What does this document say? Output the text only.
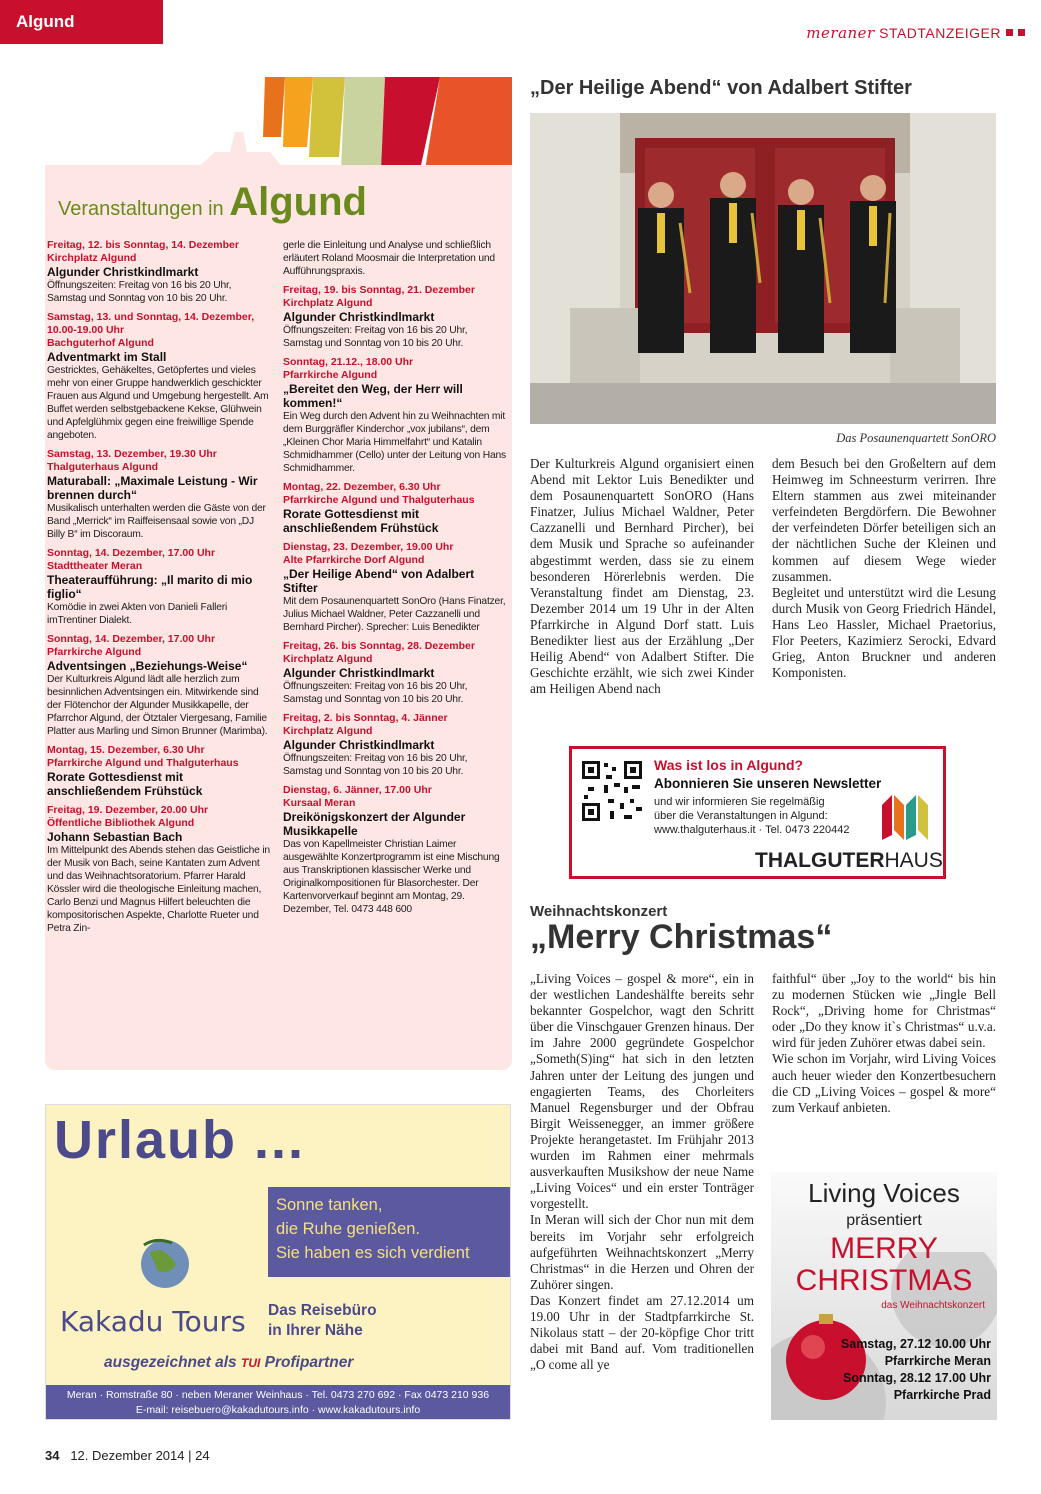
Algund
meraner STADTANZEIGER
Veranstaltungen in Algund
Freitag, 12. bis Sonntag, 14. Dezember
Kirchplatz Algund
Algunder Christkindlmarkt
Öffnungszeiten: Freitag von 16 bis 20 Uhr, Samstag und Sonntag von 10 bis 20 Uhr.
Samstag, 13. und Sonntag, 14. Dezember, 10.00-19.00 Uhr
Bachguterhof Algund
Adventmarkt im Stall
Gestricktes, Gehäkeltes, Getöpfertes und vieles mehr von einer Gruppe handwerklich geschickter Frauen aus Algund und Umgebung hergestellt. Am Buffet werden selbstgebackene Kekse, Glühwein und Apfelglühmix gegen eine freiwillige Spende angeboten.
Samstag, 13. Dezember, 19.30 Uhr
Thalguterhaus Algund
Maturaball: „Maximale Leistung - Wir brennen durch“
Musikalisch unterhalten werden die Gäste von der Band „Merrick“ im Raiffeisensaal sowie von „DJ Billy B“ im Discoraum.
Sonntag, 14. Dezember, 17.00 Uhr
Stadttheater Meran
Theateraufführung: „Il marito di mio figlio“
Komödie in zwei Akten von Danieli Falleri imTrentiner Dialekt.
Sonntag, 14. Dezember, 17.00 Uhr
Pfarrkirche Algund
Adventsingen „Beziehungs-Weise“
Der Kulturkreis Algund lädt alle herzlich zum besinnlichen Adventsingen ein. Mitwirkende sind der Flötenchor der Algunder Musikkapelle, der Pfarrchor Algund, der Ötztaler Viergesang, Familie Platter aus Marling und Simon Brunner (Marimba).
Montag, 15. Dezember, 6.30 Uhr
Pfarrkirche Algund und Thalguterhaus
Rorate Gottesdienst mit anschließendem Frühstück
Freitag, 19. Dezember, 20.00 Uhr
Öffentliche Bibliothek Algund
Johann Sebastian Bach
Im Mittelpunkt des Abends stehen das Geistliche in der Musik von Bach, seine Kantaten zum Advent und das Weihnachtsoratorium. Pfarrer Harald Kössler wird die theologische Einleitung machen, Carlo Benzi und Magnus Hilfert beleuchten die kompositorischen Aspekte, Charlotte Rueter und Petra Zin-
gerle die Einleitung und Analyse und schließlich erläutert Roland Moosmair die Interpretation und Aufführungspraxis.
Freitag, 19. bis Sonntag, 21. Dezember
Kirchplatz Algund
Algunder Christkindlmarkt
Öffnungszeiten: Freitag von 16 bis 20 Uhr, Samstag und Sonntag von 10 bis 20 Uhr.
Sonntag, 21.12., 18.00 Uhr
Pfarrkirche Algund
„Bereitet den Weg, der Herr will kommen!“
Ein Weg durch den Advent hin zu Weihnachten mit dem Burggräfler Kinderchor „vox jubilans“, dem „Kleinen Chor Maria Himmelfahrt“ und Katalin Schmidhammer (Cello) unter der Leitung von Hans Schmidhammer.
Montag, 22. Dezember, 6.30 Uhr
Pfarrkirche Algund und Thalguterhaus
Rorate Gottesdienst mit anschließendem Frühstück
Dienstag, 23. Dezember, 19.00 Uhr
Alte Pfarrkirche Dorf Algund
„Der Heilige Abend“ von Adalbert Stifter
Mit dem Posaunenquartett SonOro (Hans Finatzer, Julius Michael Waldner, Peter Cazzanelli und Bernhard Pircher). Sprecher: Luis Benedikter
Freitag, 26. bis Sonntag, 28. Dezember
Kirchplatz Algund
Algunder Christkindlmarkt
Öffnungszeiten: Freitag von 16 bis 20 Uhr, Samstag und Sonntag von 10 bis 20 Uhr.
Freitag, 2. bis Sonntag, 4. Jänner
Kirchplatz Algund
Algunder Christkindlmarkt
Öffnungszeiten: Freitag von 16 bis 20 Uhr, Samstag und Sonntag von 10 bis 20 Uhr.
Dienstag, 6. Jänner, 17.00 Uhr
Kursaal Meran
Dreikönigskonzert der Algunder Musikkapelle
Das von Kapellmeister Christian Laimer ausgewählte Konzertprogramm ist eine Mischung aus Transkriptionen klassischer Werke und Originalkompositionen für Blasorchester. Der Kartenvorverkauf beginnt am Montag, 29. Dezember, Tel. 0473 448 600
„Der Heilige Abend“ von Adalbert Stifter
Das Posaunenquartett SonORO
Der Kulturkreis Algund organisiert einen Abend mit Lektor Luis Benedikter und dem Posaunenquartett SonORO (Hans Finatzer, Julius Michael Waldner, Peter Cazzanelli und Bernhard Pircher), bei dem Musik und Sprache so aufeinander abgestimmt werden, dass sie zu einem besonderen Hörerlebnis werden. Die Veranstaltung findet am Dienstag, 23. Dezember 2014 um 19 Uhr in der Alten Pfarrkirche in Algund Dorf statt. Luis Benedikter liest aus der Erzählung „Der Heilig Abend“ von Adalbert Stifter. Die Geschichte erzählt, wie sich zwei Kinder am Heiligen Abend nach
dem Besuch bei den Großeltern auf dem Heimweg im Schneesturm verirren. Ihre Eltern stammen aus zwei miteinander verfeindeten Bergdörfern. Die Bewohner der verfeindeten Dörfer beteiligen sich an der nächtlichen Suche der Kleinen und kommen auf diesem Wege wieder zusammen.
Begleitet und unterstützt wird die Lesung durch Musik von Georg Friedrich Händel, Hans Leo Hassler, Michael Praetorius, Flor Peeters, Kazimierz Serocki, Edvard Grieg, Anton Bruckner und anderen Komponisten.
Was ist los in Algund?
Abonnieren Sie unseren Newsletter
und wir informieren Sie regelmäßig
über die Veranstaltungen in Algund:
www.thalguterhaus.it · Tel. 0473 220442
THALGUTERHAUS
Weihnachtskonzert
„Merry Christmas“
„Living Voices – gospel & more“, ein in der westlichen Landeshälfte bereits sehr bekannter Gospelchor, wagt den Schritt über die Vinschgauer Grenzen hinaus. Der im Jahre 2000 gegründete Gospelchor „Someth(S)ing“ hat sich in den letzten Jahren unter der Leitung des jungen und engagierten Teams, des Chorleiters Manuel Regensburger und der Obfrau Birgit Weissenegger, an immer größere Projekte herangetastet. Im Frühjahr 2013 wurden im Rahmen einer mehrmals ausverkauften Musikshow der neue Name „Living Voices“ und ein erster Tonträger vorgestellt.
In Meran will sich der Chor nun mit dem bereits im Vorjahr sehr erfolgreich aufgeführten Weihnachtskonzert „Merry Christmas“ in die Herzen und Ohren der Zuhörer singen.
Das Konzert findet am 27.12.2014 um 19.00 Uhr in der Stadtpfarrkirche St. Nikolaus statt – der 20-köpfige Chor tritt dabei mit Band auf. Vom traditionellen „O come all ye
faithful“ über „Joy to the world“ bis hin zu modernen Stücken wie „Jingle Bell Rock“, „Driving home for Christmas“ oder „Do they know it`s Christmas“ u.v.a. wird für jeden Zuhörer etwas dabei sein.
Wie schon im Vorjahr, wird Living Voices auch heuer wieder den Konzertbesuchern die CD „Living Voices – gospel & more“ zum Verkauf anbieten.
Living Voices
präsentiert
MERRY
CHRISTMAS
das Weihnachtskonzert
Samstag, 27.12 10.00 Uhr
Pfarrkirche Meran
Sonntag, 28.12 17.00 Uhr
Pfarrkirche Prad
Urlaub ...
Sonne tanken,
die Ruhe genießen.
Sie haben es sich verdient
Kakadu Tours Das Reisebüro
in Ihrer Nähe
ausgezeichnet als TUI Profipartner
Meran · Romstraße 80 · neben Meraner Weinhaus · Tel. 0473 270 692 · Fax 0473 210 936
E-mail: reisebuero@kakadutours.info · www.kakadutours.info
34 12. Dezember 2014 | 24
